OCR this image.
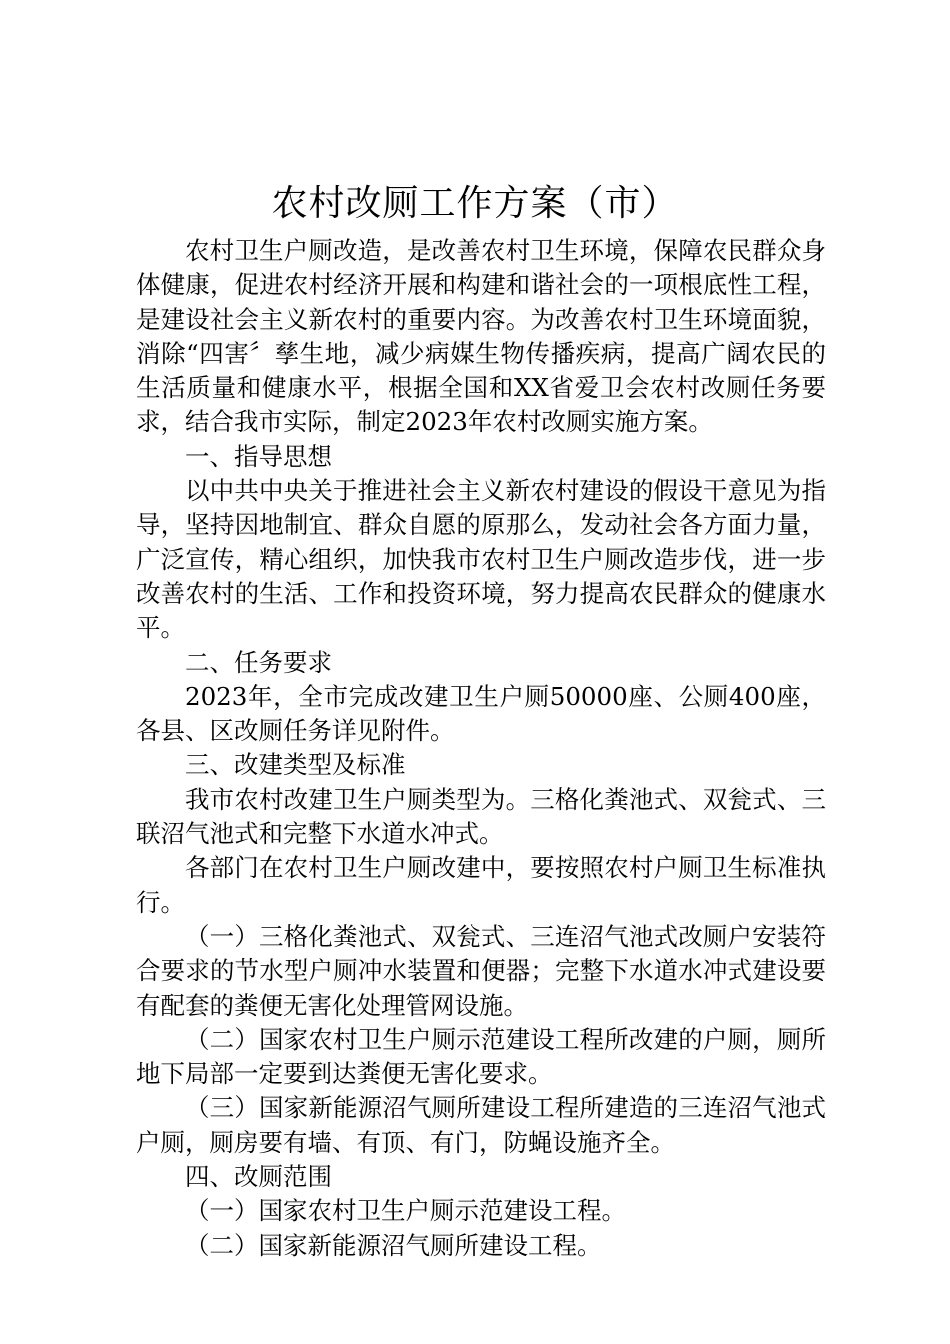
农村改厕工作方案（市）

农村卫生户厕改造，是改善农村卫生环境，保障农民群众身体健康，促进农村经济开展和构建和谐社会的一项根底性工程，是建设社会主义新农村的重要内容。为改善农村卫生环境面貌，消除“四害〞孳生地，减少病媒生物传播疾病，提高广阔农民的生活质量和健康水平，根据全国和XX省爱卫会农村改厕任务要求，结合我市实际，制定2023年农村改厕实施方案。

一、指导思想

以中共中央关于推进社会主义新农村建设的假设干意见为指导，坚持因地制宜、群众自愿的原那么，发动社会各方面力量，广泛宣传，精心组织，加快我市农村卫生户厕改造步伐，进一步改善农村的生活、工作和投资环境，努力提高农民群众的健康水平。

二、任务要求

2023年，全市完成改建卫生户厕50000座、公厕400座，各县、区改厕任务详见附件。

三、改建类型及标准

我市农村改建卫生户厕类型为。三格化粪池式、双瓮式、三联沼气池式和完整下水道水冲式。

各部门在农村卫生户厕改建中，要按照农村户厕卫生标准执行。

（一）三格化粪池式、双瓮式、三连沼气池式改厕户安装符合要求的节水型户厕冲水装置和便器；完整下水道水冲式建设要有配套的粪便无害化处理管网设施。

（二）国家农村卫生户厕示范建设工程所改建的户厕，厕所地下局部一定要到达粪便无害化要求。

（三）国家新能源沼气厕所建设工程所建造的三连沼气池式户厕，厕房要有墙、有顶、有门，防蝇设施齐全。

四、改厕范围

（一）国家农村卫生户厕示范建设工程。

（二）国家新能源沼气厕所建设工程。
